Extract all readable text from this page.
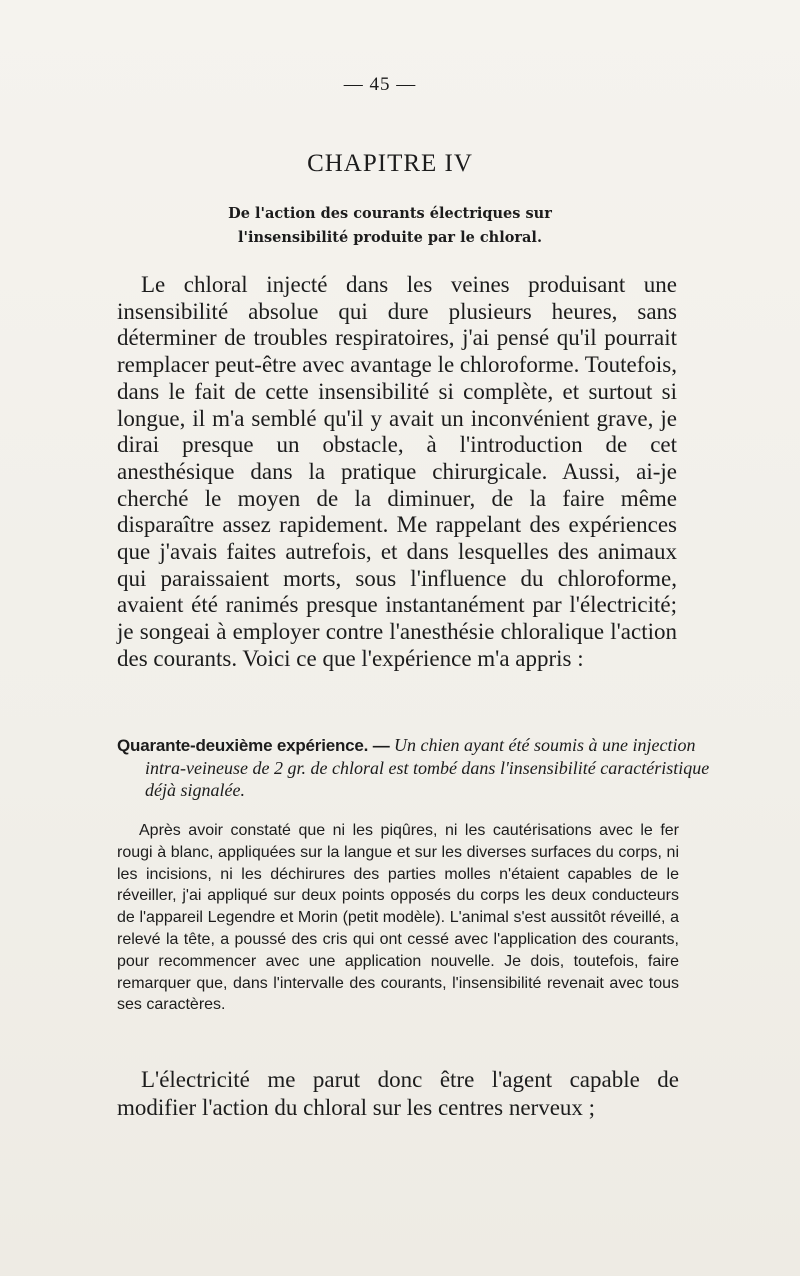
— 45 —
CHAPITRE IV
De l'action des courants électriques sur
l'insensibilité produite par le chloral.

Le chloral injecté dans les veines produisant une insensibilité absolue qui dure plusieurs heures, sans déterminer de troubles respiratoires, j'ai pensé qu'il pourrait remplacer peut-être avec avantage le chloroforme. Toutefois, dans le fait de cette insensibilité si complète, et surtout si longue, il m'a semblé qu'il y avait un inconvénient grave, je dirai presque un obstacle, à l'introduction de cet anesthésique dans la pratique chirurgicale. Aussi, ai-je cherché le moyen de la diminuer, de la faire même disparaître assez rapidement. Me rappelant des expériences que j'avais faites autrefois, et dans lesquelles des animaux qui paraissaient morts, sous l'influence du chloroforme, avaient été ranimés presque instantanément par l'électricité; je songeai à employer contre l'anesthésie chloralique l'action des courants. Voici ce que l'expérience m'a appris :

Quarante-deuxième expérience. — Un chien ayant été soumis à une injection intra-veineuse de 2 gr. de chloral est tombé dans l'insensibilité caractéristique déjà signalée.

Après avoir constaté que ni les piqûres, ni les cautérisations avec le fer rougi à blanc, appliquées sur la langue et sur les diverses surfaces du corps, ni les incisions, ni les déchirures des parties molles n'étaient capables de le réveiller, j'ai appliqué sur deux points opposés du corps les deux conducteurs de l'appareil Legendre et Morin (petit modèle). L'animal s'est aussitôt réveillé, a relevé la tête, a poussé des cris qui ont cessé avec l'application des courants, pour recommencer avec une application nouvelle. Je dois, toutefois, faire remarquer que, dans l'intervalle des courants, l'insensibilité revenait avec tous ses caractères.

L'électricité me parut donc être l'agent capable de modifier l'action du chloral sur les centres nerveux ;
